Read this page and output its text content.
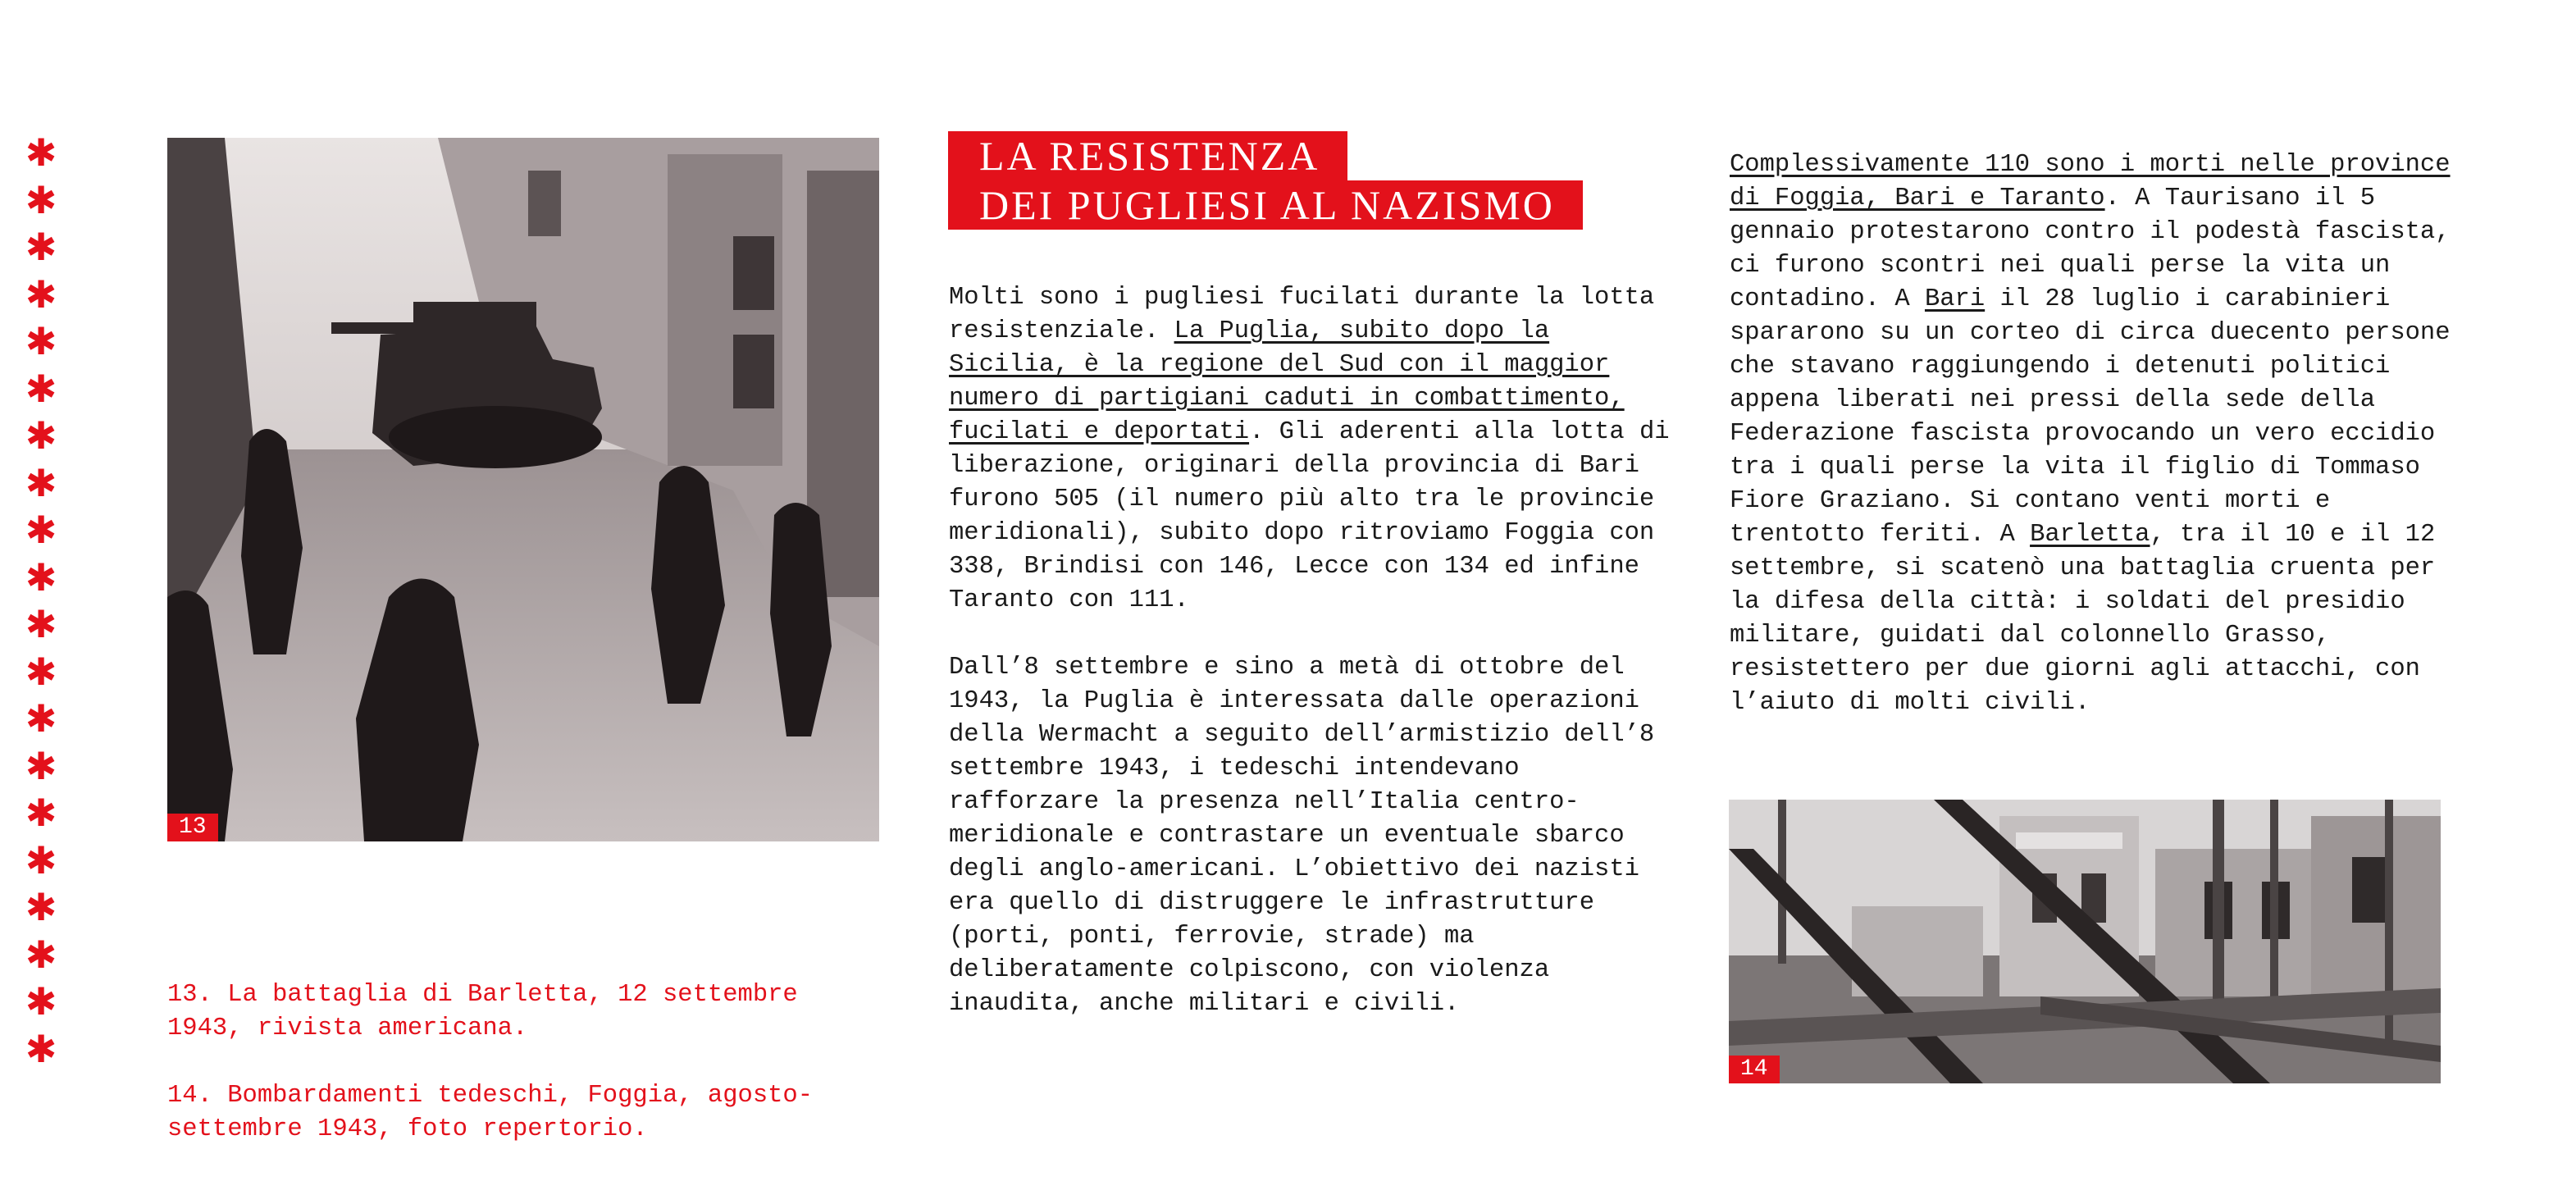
✱
✱
✱
✱
✱
✱
✱
✱
✱
✱
✱
✱
✱
✱
✱
✱
✱
✱
✱
✱
13

13. La battaglia di Barletta, 12 settembre
1943, rivista americana.

14. Bombardamenti tedeschi, Foggia, agosto-
settembre 1943, foto repertorio.

LA RESISTENZA
DEI PUGLIESI AL NAZISMO

Molti sono i pugliesi fucilati durante la lotta resistenziale. La Puglia, subito dopo la Sicilia, è la regione del Sud con il maggior numero di partigiani caduti in combattimento, fucilati e deportati. Gli aderenti alla lotta di liberazione, originari della provincia di Bari furono 505 (il numero più alto tra le provincie meridionali), subito dopo ritroviamo Foggia con 338, Brindisi con 146, Lecce con 134 ed infine Taranto con 111.

Dall’8 settembre e sino a metà di ottobre del 1943, la Puglia è interessata dalle operazioni della Wermacht a seguito dell’armistizio dell’8 settembre 1943, i tedeschi intendevano rafforzare la presenza nell’Italia centro-meridionale e contrastare un eventuale sbarco degli anglo-americani. L’obiettivo dei nazisti era quello di distruggere le infrastrutture (porti, ponti, ferrovie, strade) ma deliberatamente colpiscono, con violenza inaudita, anche militari e civili.

Complessivamente 110 sono i morti nelle province di Foggia, Bari e Taranto. A Taurisano il 5 gennaio protestarono contro il podestà fascista, ci furono scontri nei quali perse la vita un contadino. A Bari il 28 luglio i carabinieri spararono su un corteo di circa duecento persone che stavano raggiungendo i detenuti politici appena liberati nei pressi della sede della Federazione fascista provocando un vero eccidio tra i quali perse la vita il figlio di Tommaso Fiore Graziano. Si contano venti morti e trentotto feriti. A Barletta, tra il 10 e il 12 settembre, si scatenò una battaglia cruenta per la difesa della città: i soldati del presidio militare, guidati dal colonnello Grasso, resistettero per due giorni agli attacchi, con l’aiuto di molti civili.

14
